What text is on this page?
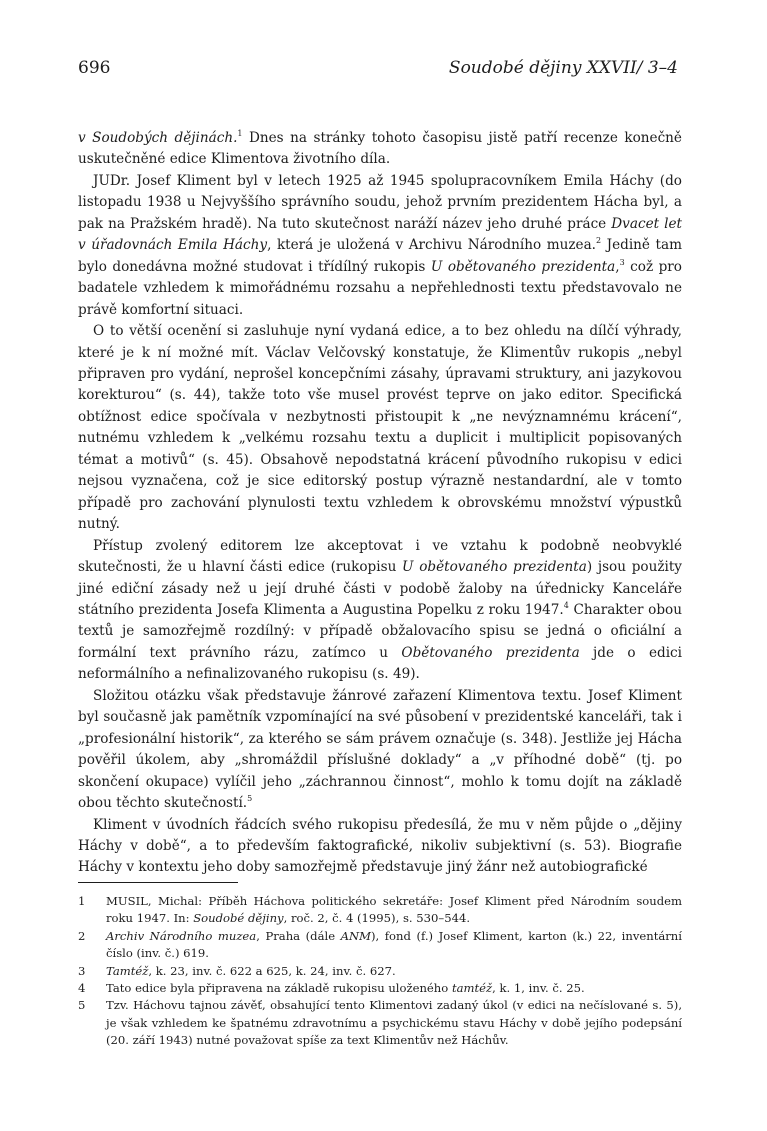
696	Soudobé dějiny XXVII/ 3–4

v Soudobých dějinách.$^1$ Dnes na stránky tohoto časopisu jistě patří recenze konečně uskutečněné edice Klimentova životního díla.

JUDr. Josef Kliment byl v letech 1925 až 1945 spolupracovníkem Emila Háchy (do listopadu 1938 u Nejvyššího správního soudu, jehož prvním prezidentem Hácha byl, a pak na Pražském hradě). Na tuto skutečnost naráží název jeho druhé práce Dvacet let v úřadovnách Emila Háchy, která je uložená v Archivu Národního muzea.$^2$ Jedině tam bylo donedávna možné studovat i třídílný rukopis U obětovaného prezidenta,$^3$ což pro badatele vzhledem k mimořádnému rozsahu a nepřehlednosti textu představovalo ne právě komfortní situaci.

O to větší ocenění si zasluhuje nyní vydaná edice, a to bez ohledu na dílčí výhrady, které je k ní možné mít. Václav Velčovský konstatuje, že Klimentův rukopis „nebyl připraven pro vydání, neprošel koncepčními zásahy, úpravami struktury, ani jazykovou korekturou“ (s. 44), takže toto vše musel provést teprve on jako editor. Specifická obtížnost edice spočívala v nezbytnosti přistoupit k „ne nevýznamnému krácení“, nutnému vzhledem k „velkému rozsahu textu a duplicit i multiplicit popisovaných témat a motivů“ (s. 45). Obsahově nepodstatná krácení původního rukopisu v edici nejsou vyznačena, což je sice editorský postup výrazně nestandardní, ale v tomto případě pro zachování plynulosti textu vzhledem k obrovskému množství výpustků nutný.

Přístup zvolený editorem lze akceptovat i ve vztahu k podobně neobvyklé skutečnosti, že u hlavní části edice (rukopisu U obětovaného prezidenta) jsou použity jiné ediční zásady než u její druhé části v podobě žaloby na úřednicky Kanceláře státního prezidenta Josefa Klimenta a Augustina Popelku z roku 1947.$^4$ Charakter obou textů je samozřejmě rozdílný: v případě obžalovacího spisu se jedná o oficiální a formální text právního rázu, zatímco u Obětovaného prezidenta jde o edici neformálního a nefinalizovaného rukopisu (s. 49).

Složitou otázku však představuje žánrové zařazení Klimentova textu. Josef Kliment byl současně jak pamětník vzpomínající na své působení v prezidentské kanceláři, tak i „profesionální historik“, za kterého se sám právem označuje (s. 348). Jestliže jej Hácha pověřil úkolem, aby „shromáždil příslušné doklady“ a „v příhodné době“ (tj. po skončení okupace) vylíčil jeho „záchrannou činnost“, mohlo k tomu dojít na základě obou těchto skutečností.$^5$

Kliment v úvodních řádcích svého rukopisu předesílá, že mu v něm půjde o „dějiny Háchy v době“, a to především faktografické, nikoliv subjektivní (s. 53). Biografie Háchy v kontextu jeho doby samozřejmě představuje jiný žánr než autobiografické

1	MUSIL, Michal: Příběh Háchova politického sekretáře: Josef Kliment před Národním soudem roku 1947. In: Soudobé dějiny, roč. 2, č. 4 (1995), s. 530–544.
2	Archiv Národního muzea, Praha (dále ANM), fond (f.) Josef Kliment, karton (k.) 22, inventární číslo (inv. č.) 619.
3	Tamtéž, k. 23, inv. č. 622 a 625, k. 24, inv. č. 627.
4	Tato edice byla připravena na základě rukopisu uloženého tamtéž, k. 1, inv. č. 25.
5	Tzv. Háchovu tajnou závěť, obsahující tento Klimentovi zadaný úkol (v edici na nečíslované s. 5), je však vzhledem ke špatnému zdravotnímu a psychickému stavu Háchy v době jejího podepsání (20. září 1943) nutné považovat spíše za text Klimentův než Háchův.
